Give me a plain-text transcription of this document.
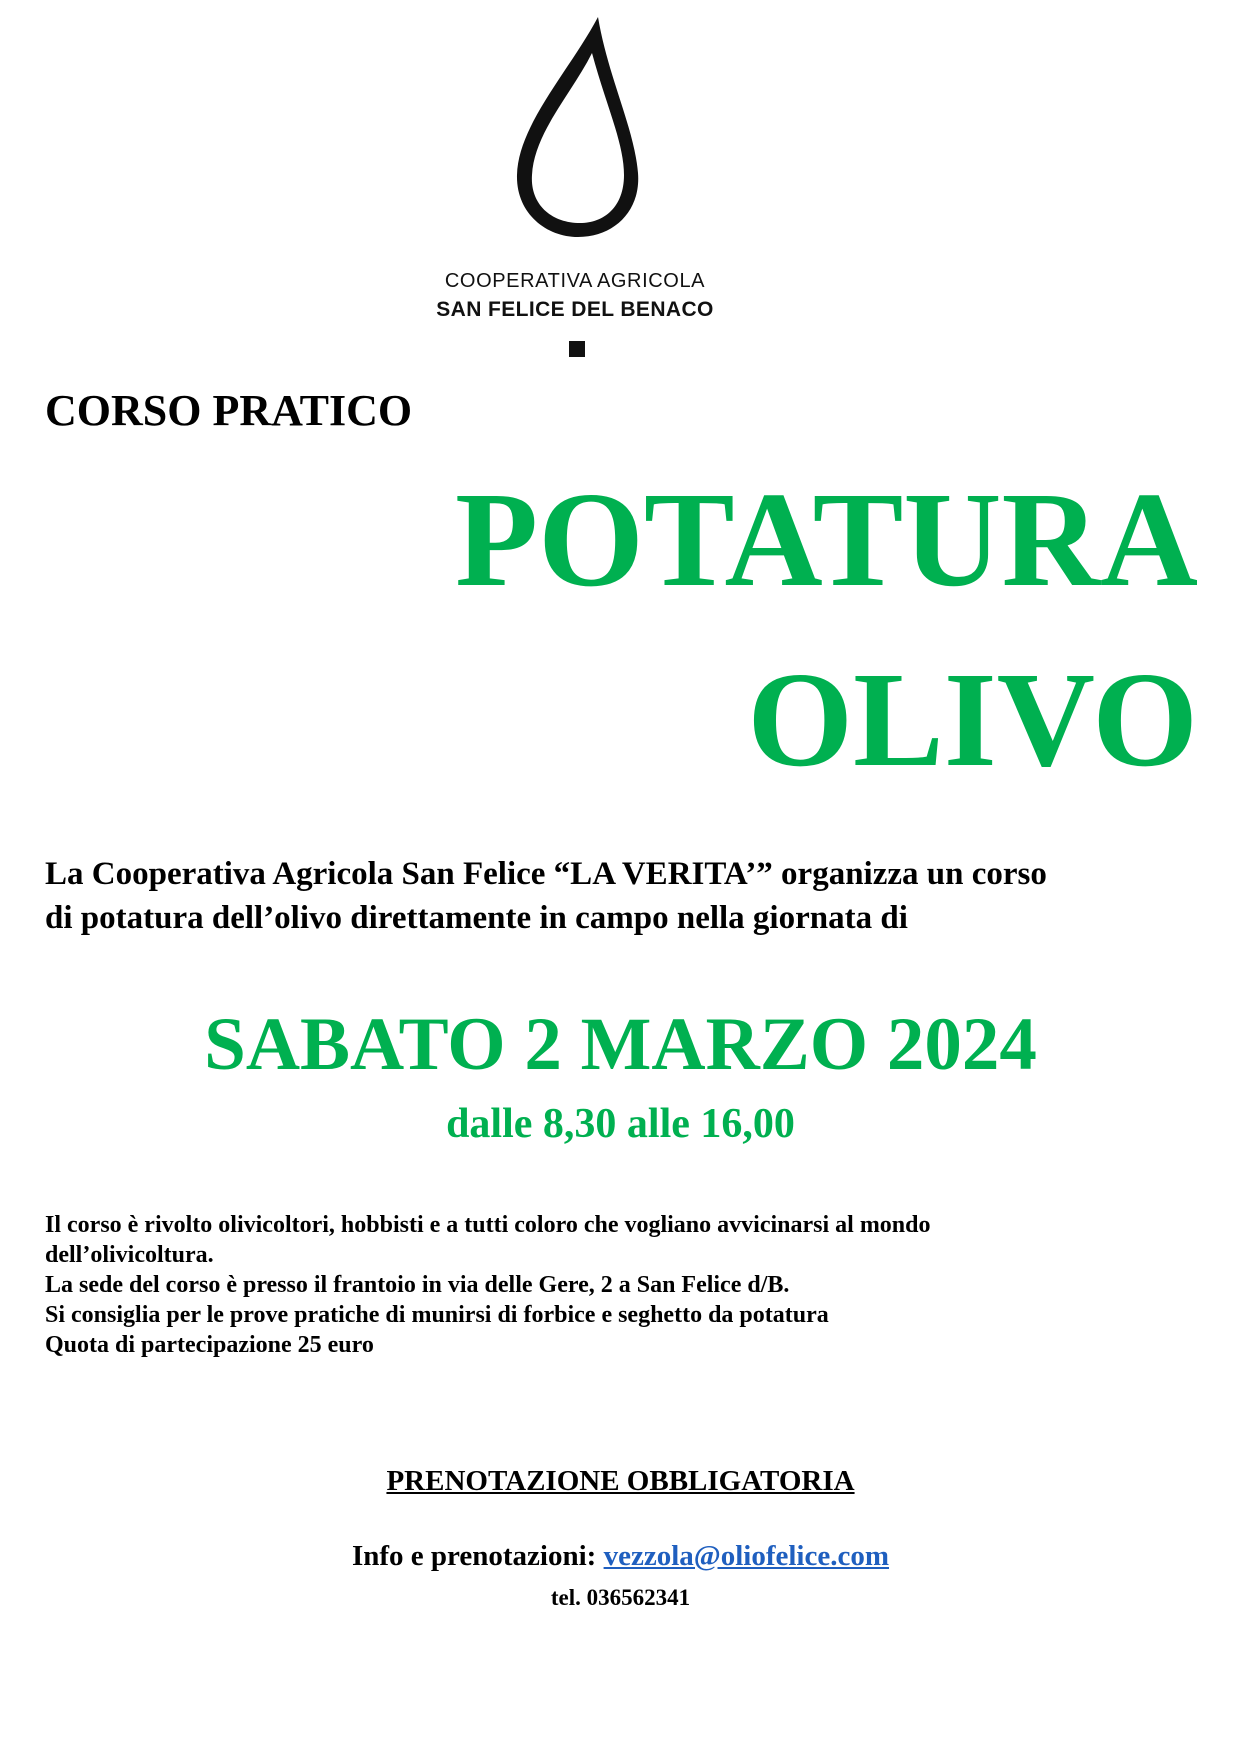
COOPERATIVA AGRICOLA
SAN FELICE DEL BENACO
CORSO PRATICO
POTATURA
OLIVO
La Cooperativa Agricola San Felice “LA VERITA’” organizza un corso
di potatura dell’olivo direttamente in campo nella giornata di
SABATO 2 MARZO 2024
dalle 8,30 alle 16,00
Il corso è rivolto olivicoltori, hobbisti e a tutti coloro che vogliano avvicinarsi al mondo
dell’olivicoltura.
La sede del corso è presso il frantoio in via delle Gere, 2 a San Felice d/B.
Si consiglia per le prove pratiche di munirsi di forbice e seghetto da potatura
Quota di partecipazione 25 euro
PRENOTAZIONE OBBLIGATORIA
Info e prenotazioni: vezzola@oliofelice.com
tel. 036562341
